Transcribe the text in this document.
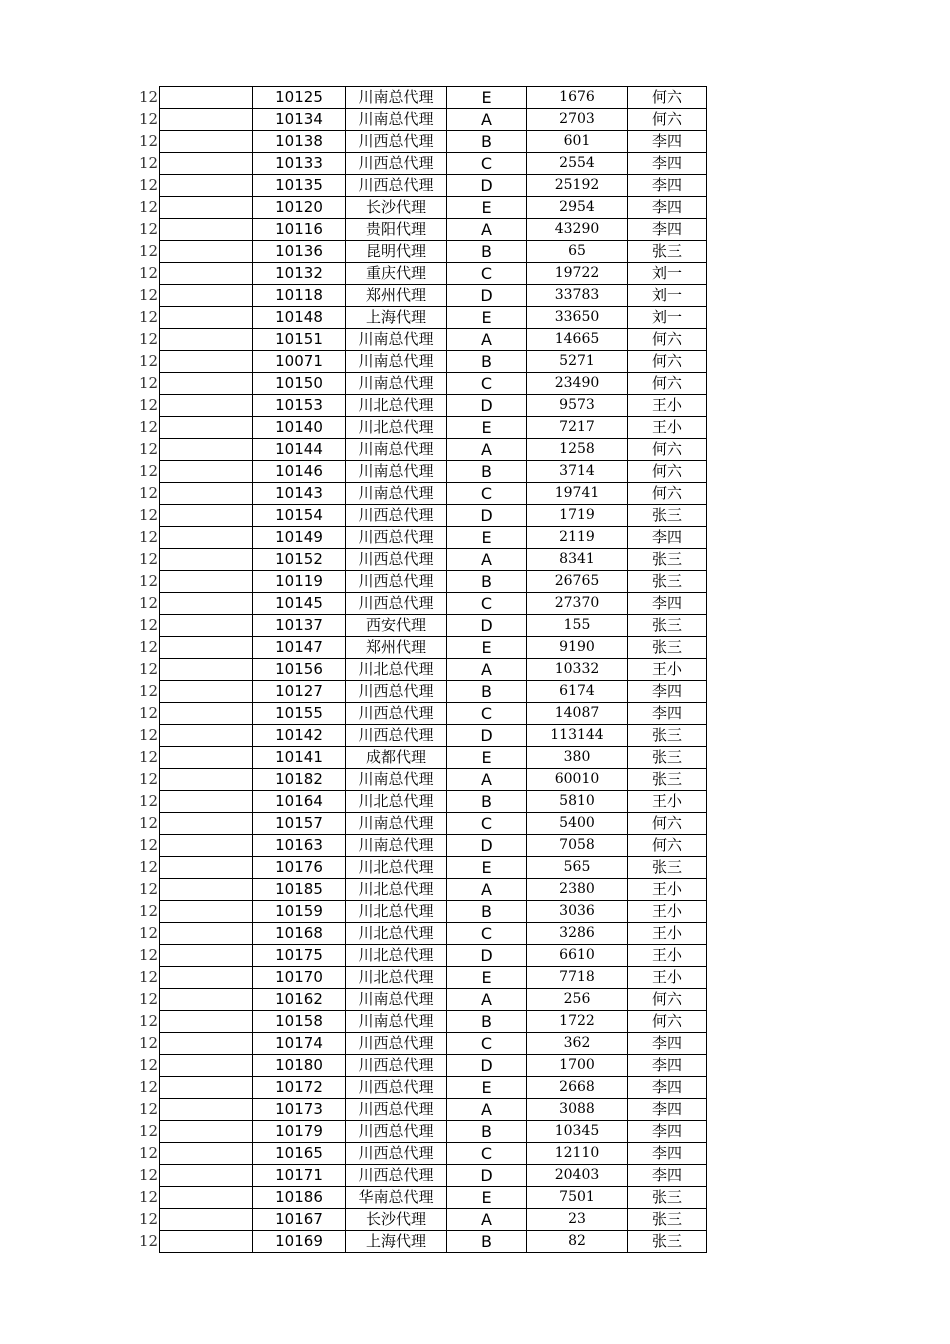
12		10125	川南总代理	E	1676	何六
12		10134	川南总代理	A	2703	何六
12		10138	川西总代理	B	601	李四
12		10133	川西总代理	C	2554	李四
12		10135	川西总代理	D	25192	李四
12		10120	长沙代理	E	2954	李四
12		10116	贵阳代理	A	43290	李四
12		10136	昆明代理	B	65	张三
12		10132	重庆代理	C	19722	刘一
12		10118	郑州代理	D	33783	刘一
12		10148	上海代理	E	33650	刘一
12		10151	川南总代理	A	14665	何六
12		10071	川南总代理	B	5271	何六
12		10150	川南总代理	C	23490	何六
12		10153	川北总代理	D	9573	王小
12		10140	川北总代理	E	7217	王小
12		10144	川南总代理	A	1258	何六
12		10146	川南总代理	B	3714	何六
12		10143	川南总代理	C	19741	何六
12		10154	川西总代理	D	1719	张三
12		10149	川西总代理	E	2119	李四
12		10152	川西总代理	A	8341	张三
12		10119	川西总代理	B	26765	张三
12		10145	川西总代理	C	27370	李四
12		10137	西安代理	D	155	张三
12		10147	郑州代理	E	9190	张三
12		10156	川北总代理	A	10332	王小
12		10127	川西总代理	B	6174	李四
12		10155	川西总代理	C	14087	李四
12		10142	川西总代理	D	113144	张三
12		10141	成都代理	E	380	张三
12		10182	川南总代理	A	60010	张三
12		10164	川北总代理	B	5810	王小
12		10157	川南总代理	C	5400	何六
12		10163	川南总代理	D	7058	何六
12		10176	川北总代理	E	565	张三
12		10185	川北总代理	A	2380	王小
12		10159	川北总代理	B	3036	王小
12		10168	川北总代理	C	3286	王小
12		10175	川北总代理	D	6610	王小
12		10170	川北总代理	E	7718	王小
12		10162	川南总代理	A	256	何六
12		10158	川南总代理	B	1722	何六
12		10174	川西总代理	C	362	李四
12		10180	川西总代理	D	1700	李四
12		10172	川西总代理	E	2668	李四
12		10173	川西总代理	A	3088	李四
12		10179	川西总代理	B	10345	李四
12		10165	川西总代理	C	12110	李四
12		10171	川西总代理	D	20403	李四
12		10186	华南总代理	E	7501	张三
12		10167	长沙代理	A	23	张三
12		10169	上海代理	B	82	张三
